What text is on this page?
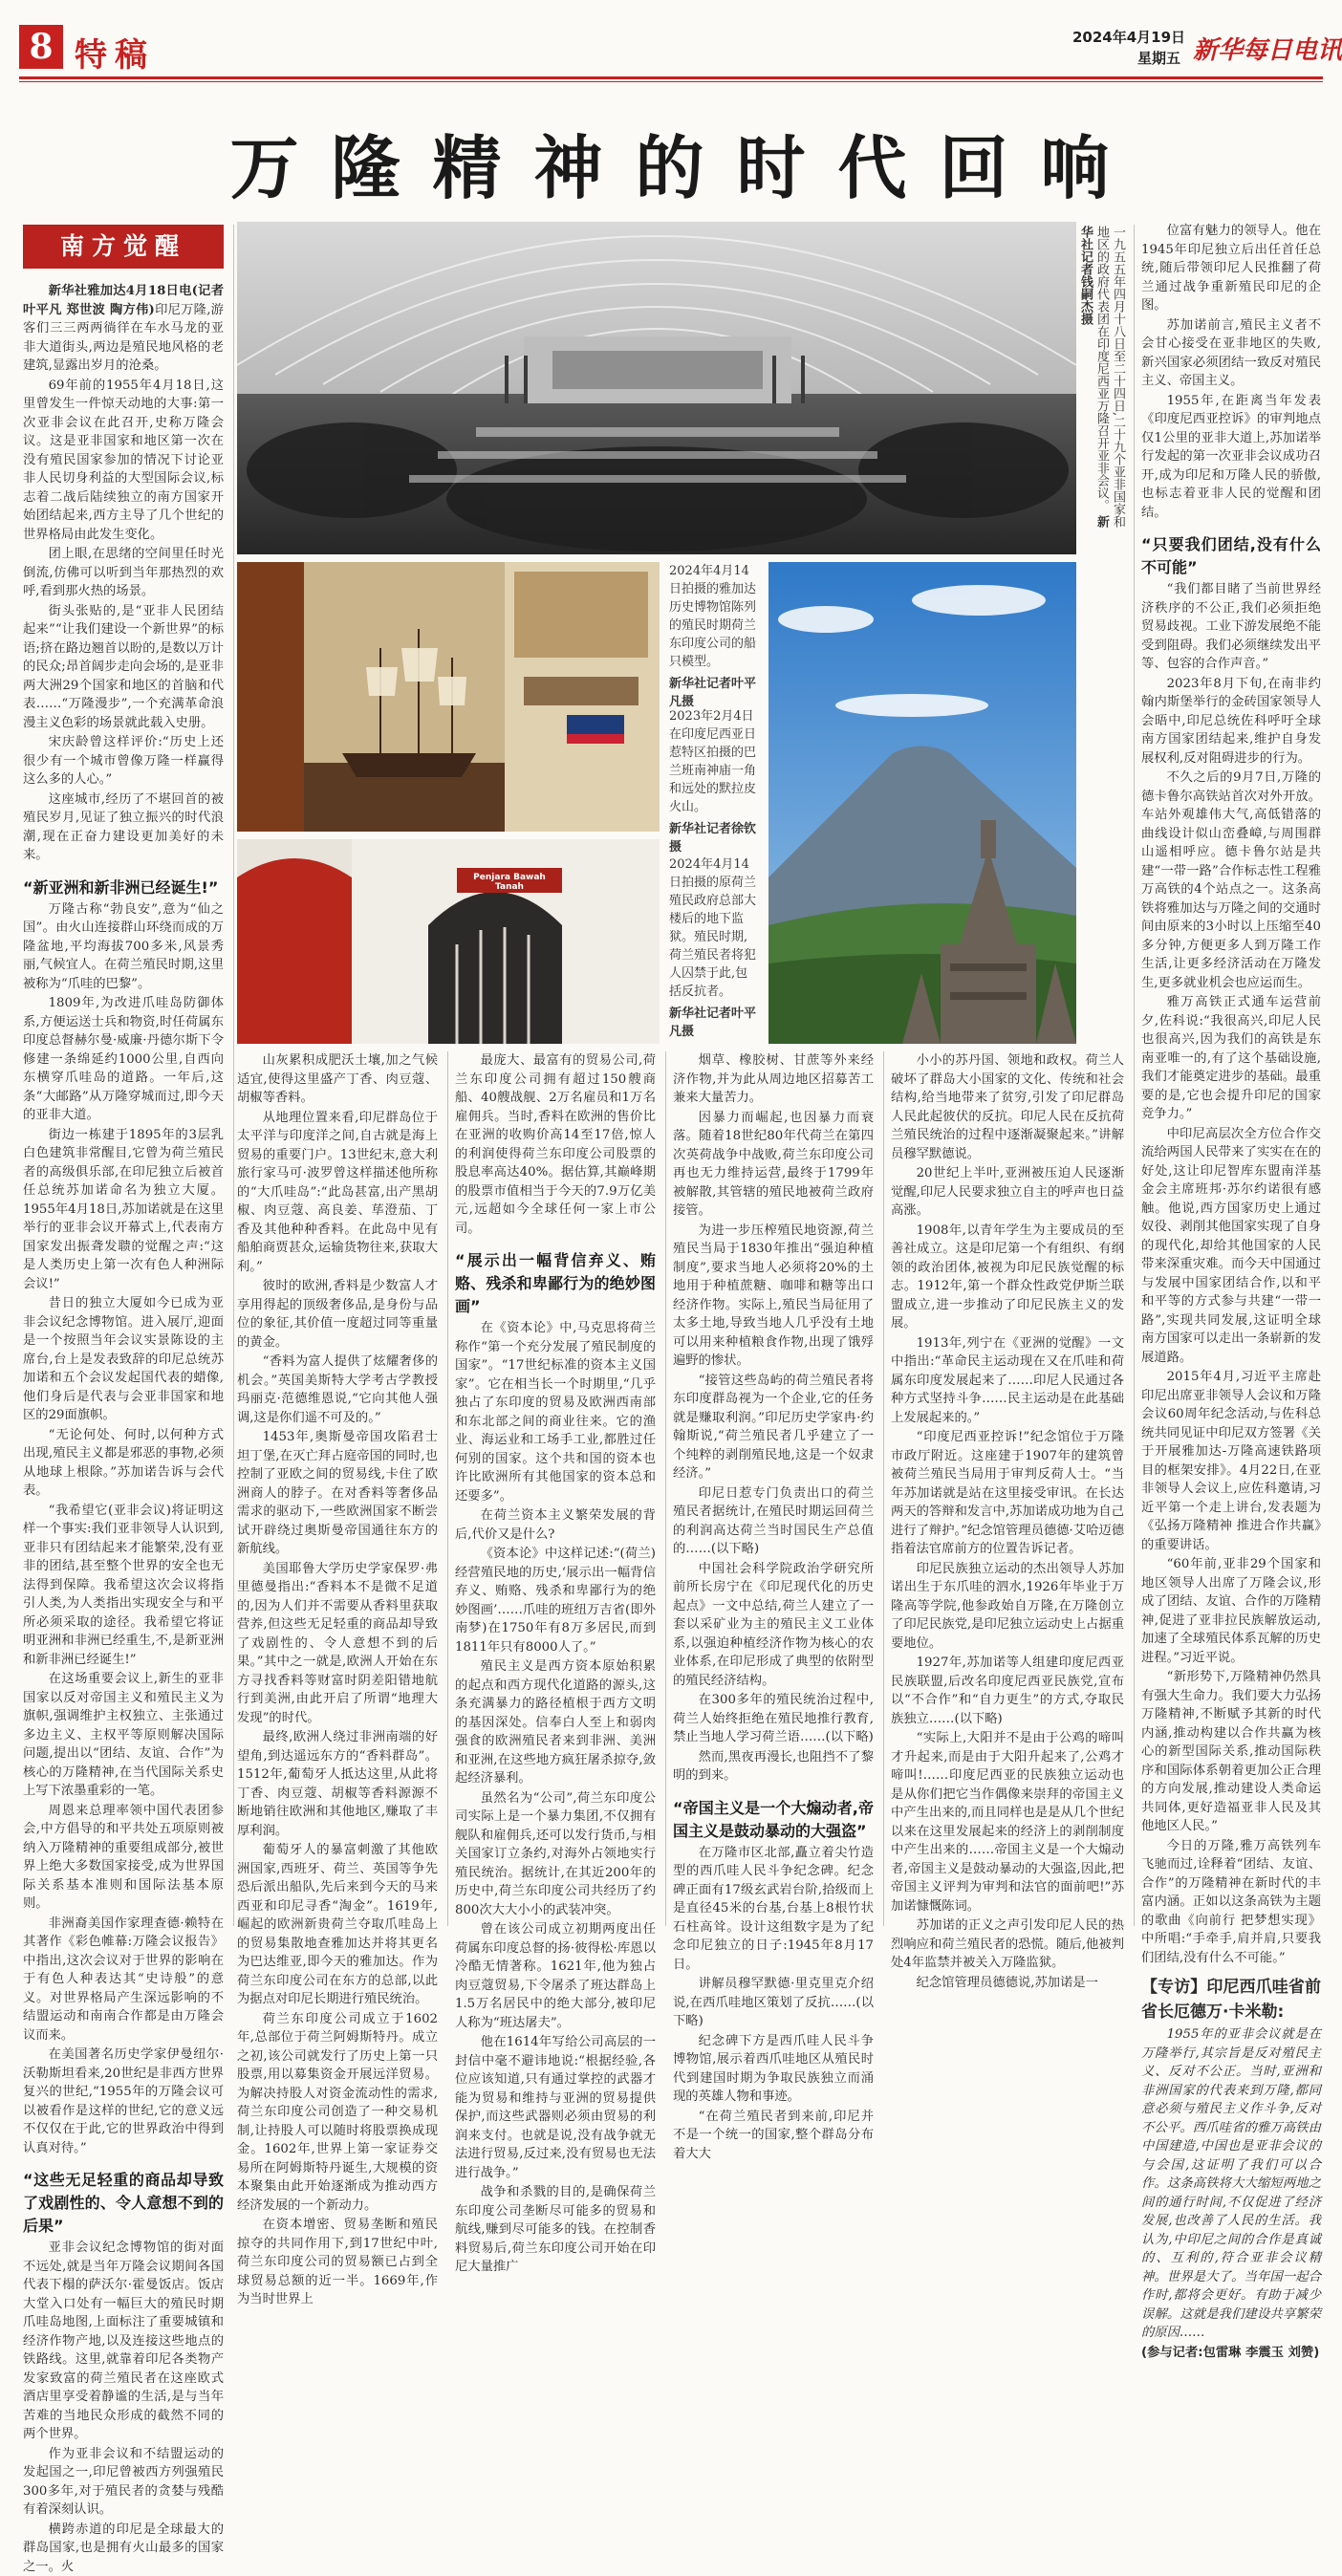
8 特稿	2024年4月19日
星期五 新华每日电讯
万隆精神的时代回响
南方觉醒

新华社雅加达4月18日电(记者叶平凡 郑世波 陶方伟)印尼万隆,游客们三三两两徜徉在车水马龙的亚非大道街头,两边是殖民地风格的老建筑,显露出岁月的沧桑。

69年前的1955年4月18日,这里曾发生一件惊天动地的大事:第一次亚非会议在此召开,史称万隆会议。这是亚非国家和地区第一次在没有殖民国家参加的情况下讨论亚非人民切身利益的大型国际会议,标志着二战后陆续独立的南方国家开始团结起来,西方主导了几个世纪的世界格局由此发生变化。

团上眼,在思绪的空间里任时光倒流,仿佛可以听到当年那热烈的欢呼,看到那火热的场景。

街头张贴的,是“亚非人民团结起来”“让我们建设一个新世界”的标语;挤在路边翘首以盼的,是数以万计的民众;昂首阔步走向会场的,是亚非两大洲29个国家和地区的首脑和代表……“万隆漫步”,一个充满革命浪漫主义色彩的场景就此载入史册。

宋庆龄曾这样评价:“历史上还很少有一个城市曾像万隆一样赢得这么多的人心。”

这座城市,经历了不堪回首的被殖民岁月,见证了独立振兴的时代浪潮,现在正奋力建设更加美好的未来。

“新亚洲和新非洲已经诞生!”

万隆古称“勃良安”,意为“仙之国”。由火山连接群山环绕而成的万隆盆地,平均海拔700多米,风景秀丽,气候宜人。在荷兰殖民时期,这里被称为“爪哇的巴黎”。

1809年,为改进爪哇岛防御体系,方便运送士兵和物资,时任荷属东印度总督赫尔曼·威廉·丹德尔斯下令修建一条绵延约1000公里,自西向东横穿爪哇岛的道路。一年后,这条“大邮路”从万隆穿城而过,即今天的亚非大道。

街边一栋建于1895年的3层乳白色建筑非常醒目,它曾为荷兰殖民者的高级俱乐部,在印尼独立后被首任总统苏加诺命名为独立大厦。1955年4月18日,苏加诺就是在这里举行的亚非会议开幕式上,代表南方国家发出振聋发聩的觉醒之声:“这是人类历史上第一次有色人种洲际会议!”

昔日的独立大厦如今已成为亚非会议纪念博物馆。进入展厅,迎面是一个按照当年会议实景陈设的主席台,台上是发表致辞的印尼总统苏加诺和五个会议发起国代表的蜡像,他们身后是代表与会亚非国家和地区的29面旗帜。

“无论何处、何时,以何种方式出现,殖民主义都是邪恶的事物,必须从地球上根除。”苏加诺告诉与会代表。

“我希望它(亚非会议)将证明这样一个事实:我们亚非领导人认识到,亚非只有团结起来才能繁荣,没有亚非的团结,甚至整个世界的安全也无法得到保障。我希望这次会议将指引人类,为人类指出实现安全与和平所必须采取的途径。我希望它将证明亚洲和非洲已经重生,不,是新亚洲和新非洲已经诞生!”

在这场重要会议上,新生的亚非国家以反对帝国主义和殖民主义为旗帜,强调维护主权独立、主张通过多边主义、主权平等原则解决国际问题,提出以“团结、友谊、合作”为核心的万隆精神,在当代国际关系史上写下浓墨重彩的一笔。

周恩来总理率领中国代表团参会,中方倡导的和平共处五项原则被纳入万隆精神的重要组成部分,被世界上绝大多数国家接受,成为世界国际关系基本准则和国际法基本原则。

非洲裔美国作家理查德·赖特在其著作《彩色帷幕:万隆会议报告》中指出,这次会议对于世界的影响在于有色人种表达其“史诗般”的意义。对世界格局产生深远影响的不结盟运动和南南合作都是由万隆会议而来。

在美国著名历史学家伊曼纽尔·沃勒斯坦看来,20世纪是非西方世界复兴的世纪,“1955年的万隆会议可以被看作是这样的世纪,它的意义远不仅仅在于此,它的世界政治中得到认真对待。”

“这些无足轻重的商品却导致了戏剧性的、令人意想不到的后果”

亚非会议纪念博物馆的街对面不远处,就是当年万隆会议期间各国代表下榻的萨沃尔·霍曼饭店。饭店大堂入口处有一幅巨大的殖民时期爪哇岛地图,上面标注了重要城镇和经济作物产地,以及连接这些地点的铁路线。这里,就靠着印尼各类物产发家致富的荷兰殖民者在这座欧式酒店里享受着静谧的生活,是与当年苦难的当地民众形成的截然不同的两个世界。

作为亚非会议和不结盟运动的发起国之一,印尼曾被西方列强殖民300多年,对于殖民者的贪婪与残酷有着深刻认识。

横跨赤道的印尼是全球最大的群岛国家,也是拥有火山最多的国家之一。火

一九五五年四月十八日至二十四日,二十九个亚非国家和地区的政府代表团在印度尼西亚万隆召开亚非会议。 新华社记者钱嗣杰摄
Penjara Bawah Tanah
2024年4月14日拍摄的雅加达历史博物馆陈列的殖民时期荷兰东印度公司的船只模型。
新华社记者叶平凡摄
2023年2月4日在印度尼西亚日惹特区拍摄的巴兰班南神庙一角和远处的默拉皮火山。
新华社记者徐钦摄
2024年4月14日拍摄的原荷兰殖民政府总部大楼后的地下监狱。殖民时期,荷兰殖民者将犯人囚禁于此,包括反抗者。
新华社记者叶平凡摄

山灰累积成肥沃土壤,加之气候适宜,使得这里盛产丁香、肉豆蔻、胡椒等香料。

从地理位置来看,印尼群岛位于太平洋与印度洋之间,自古就是海上贸易的重要门户。13世纪末,意大利旅行家马可·波罗曾这样描述他所称的“大爪哇岛”:“此岛甚富,出产黑胡椒、肉豆蔻、高良姜、荜澄茄、丁香及其他种种香料。在此岛中见有船舶商贾甚众,运输货物往来,获取大利。”

彼时的欧洲,香料是少数富人才享用得起的顶级奢侈品,是身份与品位的象征,其价值一度超过同等重量的黄金。

“香料为富人提供了炫耀奢侈的机会。”英国美斯特大学考古学教授玛丽克·范德维恩说,“它向其他人强调,这是你们遥不可及的。”

1453年,奥斯曼帝国攻陷君士坦丁堡,在灭亡拜占庭帝国的同时,也控制了亚欧之间的贸易线,卡住了欧洲商人的脖子。在对香料等奢侈品需求的驱动下,一些欧洲国家不断尝试开辟绕过奥斯曼帝国通往东方的新航线。

美国耶鲁大学历史学家保罗·弗里德曼指出:“香料本不是微不足道的,因为人们并不需要从香料里获取营养,但这些无足轻重的商品却导致了戏剧性的、令人意想不到的后果。”其中之一就是,欧洲人开始在东方寻找香料等财富时阴差阳错地航行到美洲,由此开启了所谓“地理大发现”的时代。

最终,欧洲人绕过非洲南端的好望角,到达遥远东方的“香料群岛”。1512年,葡萄牙人抵达这里,从此将丁香、肉豆蔻、胡椒等香料源源不断地销往欧洲和其他地区,赚取了丰厚利润。

葡萄牙人的暴富刺激了其他欧洲国家,西班牙、荷兰、英国等争先恐后派出船队,先后来到今天的马来西亚和印尼寻香“淘金”。1619年,崛起的欧洲新贵荷兰夺取爪哇岛上的贸易集散地查雅加达并将其更名为巴达维亚,即今天的雅加达。作为荷兰东印度公司在东方的总部,以此为据点对印尼长期进行殖民统治。

荷兰东印度公司成立于1602年,总部位于荷兰阿姆斯特丹。成立之初,该公司就发行了历史上第一只股票,用以募集资金开展远洋贸易。为解决持股人对资金流动性的需求,荷兰东印度公司创造了一种交易机制,让持股人可以随时将股票换成现金。1602年,世界上第一家证券交易所在阿姆斯特丹诞生,大规模的资本聚集由此开始逐渐成为推动西方经济发展的一个新动力。

在资本增密、贸易垄断和殖民掠夺的共同作用下,到17世纪中叶,荷兰东印度公司的贸易额已占到全球贸易总额的近一半。1669年,作为当时世界上

最庞大、最富有的贸易公司,荷兰东印度公司拥有超过150艘商船、40艘战舰、2万名雇员和1万名雇佣兵。当时,香料在欧洲的售价比在亚洲的收购价高14至17倍,惊人的利润使得荷兰东印度公司股票的股息率高达40%。据估算,其巅峰期的股票市值相当于今天的7.9万亿美元,远超如今全球任何一家上市公司。

“展示出一幅背信弃义、贿赂、残杀和卑鄙行为的绝妙图画”

在《资本论》中,马克思将荷兰称作“第一个充分发展了殖民制度的国家”。“17世纪标准的资本主义国家”。它在相当长一个时期里,“几乎独占了东印度的贸易及欧洲西南部和东北部之间的商业往来。它的渔业、海运业和工场手工业,都胜过任何别的国家。这个共和国的资本也许比欧洲所有其他国家的资本总和还要多”。

在荷兰资本主义繁荣发展的背后,代价又是什么?

《资本论》中这样记述:“(荷兰)经营殖民地的历史,‘展示出一幅背信弃义、贿赂、残杀和卑鄙行为的绝妙图画’……爪哇的班纽万吉省(即外南梦)在1750年有8万多居民,而到1811年只有8000人了。”

殖民主义是西方资本原始积累的起点和西方现代化道路的源头,这条充满暴力的路径植根于西方文明的基因深处。信奉白人至上和弱肉强食的欧洲殖民者来到非洲、美洲和亚洲,在这些地方疯狂屠杀掠夺,敛起经济暴利。

虽然名为“公司”,荷兰东印度公司实际上是一个暴力集团,不仅拥有舰队和雇佣兵,还可以发行货币,与相关国家订立条约,对海外占领地实行殖民统治。据统计,在其近200年的历史中,荷兰东印度公司共经历了约800次大大小小的武装冲突。

曾在该公司成立初期两度出任荷属东印度总督的扬·彼得松·库恩以冷酷无情著称。1621年,他为独占肉豆蔻贸易,下令屠杀了班达群岛上1.5万名居民中的绝大部分,被印尼人称为“班达屠夫”。

他在1614年写给公司高层的一封信中毫不避讳地说:“根据经验,各位应该知道,只有通过掌控的武器才能为贸易和维持与亚洲的贸易提供保护,而这些武器则必须由贸易的利润来支付。也就是说,没有战争就无法进行贸易,反过来,没有贸易也无法进行战争。”

战争和杀戮的目的,是确保荷兰东印度公司垄断尽可能多的贸易和航线,赚到尽可能多的钱。在控制香料贸易后,荷兰东印度公司开始在印尼大量推广

烟草、橡胶树、甘蔗等外来经济作物,并为此从周边地区招募苦工兼来大量苦力。

因暴力而崛起,也因暴力而衰落。随着18世纪80年代荷兰在第四次英荷战争中战败,荷兰东印度公司再也无力维持运营,最终于1799年被解散,其管辖的殖民地被荷兰政府接管。

为进一步压榨殖民地资源,荷兰殖民当局于1830年推出“强迫种植制度”,要求当地人必须将20%的土地用于种植蔗糖、咖啡和糖等出口经济作物。实际上,殖民当局征用了太多土地,导致当地人几乎没有土地可以用来种植粮食作物,出现了饿殍遍野的惨状。

“接管这些岛屿的荷兰殖民者将东印度群岛视为一个企业,它的任务就是赚取利润。”印尼历史学家冉·约翰斯说,“荷兰殖民者几乎建立了一个纯粹的剥削殖民地,这是一个奴隶经济。”

印尼日惹专门负责出口的荷兰殖民者据统计,在殖民时期运回荷兰的利润高达荷兰当时国民生产总值的……(以下略)

中国社会科学院政治学研究所前所长房宁在《印尼现代化的历史起点》一文中总结,荷兰人建立了一套以采矿业为主的殖民主义工业体系,以强迫种植经济作物为核心的农业体系,在印尼形成了典型的依附型的殖民经济结构。

在300多年的殖民统治过程中,荷兰人始终拒绝在殖民地推行教育,禁止当地人学习荷兰语……(以下略)

然而,黑夜再漫长,也阻挡不了黎明的到来。

“帝国主义是一个大煽动者,帝国主义是鼓动暴动的大强盗”

在万隆市区北部,矗立着尖竹造型的西爪哇人民斗争纪念碑。纪念碑正面有17级玄武岩台阶,拾级而上是直径45米的台基,台基上8根竹状石柱高耸。设计这组数字是为了纪念印尼独立的日子:1945年8月17日。

讲解员穆罕默德·里克里克介绍说,在西爪哇地区策划了反抗……(以下略)

纪念碑下方是西爪哇人民斗争博物馆,展示着西爪哇地区从殖民时代到建国时期为争取民族独立而涌现的英雄人物和事迹。

“在荷兰殖民者到来前,印尼并不是一个统一的国家,整个群岛分布着大大

小小的苏丹国、领地和政权。荷兰人破坏了群岛大小国家的文化、传统和社会结构,给当地带来了贫穷,引发了印尼群岛人民此起彼伏的反抗。印尼人民在反抗荷兰殖民统治的过程中逐渐凝聚起来。”讲解员穆罕默德说。

20世纪上半叶,亚洲被压迫人民逐渐觉醒,印尼人民要求独立自主的呼声也日益高涨。

1908年,以青年学生为主要成员的至善社成立。这是印尼第一个有组织、有纲领的政治团体,被视为印尼民族觉醒的标志。1912年,第一个群众性政党伊斯兰联盟成立,进一步推动了印尼民族主义的发展。

1913年,列宁在《亚洲的觉醒》一文中指出:“革命民主运动现在又在爪哇和荷属东印度发展起来了……印尼人民通过各种方式坚持斗争……民主运动是在此基础上发展起来的。”

“印度尼西亚控诉!”纪念馆位于万隆市政厅附近。这座建于1907年的建筑曾被荷兰殖民当局用于审判反荷人士。“当年苏加诺就是站在这里接受审讯。在长达两天的答辩和发言中,苏加诺成功地为自己进行了辩护。”纪念馆管理员德德·艾哈迈德指着法官席前方的位置告诉记者。

印尼民族独立运动的杰出领导人苏加诺出生于东爪哇的泗水,1926年毕业于万隆高等学院,他参政始自万隆,在万隆创立了印尼民族党,是印尼独立运动史上占据重要地位。

1927年,苏加诺等人组建印度尼西亚民族联盟,后改名印度尼西亚民族党,宣布以“不合作”和“自力更生”的方式,夺取民族独立……(以下略)

“实际上,大阳并不是由于公鸡的啼叫才升起来,而是由于大阳升起来了,公鸡才啼叫!……印度尼西亚的民族独立运动也是从你们把它当作偶像来崇拜的帝国主义中产生出来的,而且同样也是是从几个世纪以来在这里发展起来的经济上的剥削制度中产生出来的……帝国主义是一个大煽动者,帝国主义是鼓动暴动的大强盗,因此,把帝国主义评判为审判和法官的面前吧!”苏加诺慷慨陈词。

苏加诺的正义之声引发印尼人民的热烈响应和荷兰殖民者的恐慌。随后,他被判处4年监禁并被关入万隆监狱。

纪念馆管理员德德说,苏加诺是一

位富有魅力的领导人。他在1945年印尼独立后出任首任总统,随后带领印尼人民推翻了荷兰通过战争重新殖民印尼的企图。

苏加诺前言,殖民主义者不会甘心接受在亚非地区的失败,新兴国家必须团结一致反对殖民主义、帝国主义。

1955年,在距离当年发表《印度尼西亚控诉》的审判地点仅1公里的亚非大道上,苏加诺举行发起的第一次亚非会议成功召开,成为印尼和万隆人民的骄傲,也标志着亚非人民的觉醒和团结。

“只要我们团结,没有什么不可能”

“我们都目睹了当前世界经济秩序的不公正,我们必须拒绝贸易歧视。工业下游发展绝不能受到阻碍。我们必须继续发出平等、包容的合作声音。”

2023年8月下旬,在南非约翰内斯堡举行的金砖国家领导人会晤中,印尼总统佐科呼吁全球南方国家团结起来,维护自身发展权利,反对阻碍进步的行为。

不久之后的9月7日,万隆的德卡鲁尔高铁站首次对外开放。车站外观雄伟大气,高低错落的曲线设计似山峦叠嶂,与周围群山遥相呼应。德卡鲁尔站是共建“一带一路”合作标志性工程雅万高铁的4个站点之一。这条高铁将雅加达与万隆之间的交通时间由原来的3小时以上压缩至40多分钟,方便更多人到万隆工作生活,让更多经济活动在万隆发生,更多就业机会也应运而生。

雅万高铁正式通车运营前夕,佐科说:“我很高兴,印尼人民也很高兴,因为我们的高铁是东南亚唯一的,有了这个基础设施,我们才能奠定进步的基础。最重要的是,它也会提升印尼的国家竞争力。”

中印尼高层次全方位合作交流给两国人民带来了实实在在的好处,这让印尼智库东盟南洋基金会主席班邦·苏尔约诺很有感触。他说,西方国家历史上通过奴役、剥削其他国家实现了自身的现代化,却给其他国家的人民带来深重灾难。而今天中国通过与发展中国家团结合作,以和平和平等的方式参与共建“一带一路”,实现共同发展,这证明全球南方国家可以走出一条崭新的发展道路。

2015年4月,习近平主席赴印尼出席亚非领导人会议和万隆会议60周年纪念活动,与佐科总统共同见证中印尼双方签署《关于开展雅加达-万隆高速铁路项目的框架安排》。4月22日,在亚非领导人会议上,应佐科邀请,习近平第一个走上讲台,发表题为《弘扬万隆精神 推进合作共赢》的重要讲话。

“60年前,亚非29个国家和地区领导人出席了万隆会议,形成了团结、友谊、合作的万隆精神,促进了亚非拉民族解放运动,加速了全球殖民体系瓦解的历史进程。”习近平说。

“新形势下,万隆精神仍然具有强大生命力。我们要大力弘扬万隆精神,不断赋予其新的时代内涵,推动构建以合作共赢为核心的新型国际关系,推动国际秩序和国际体系朝着更加公正合理的方向发展,推动建设人类命运共同体,更好造福亚非人民及其他地区人民。”

今日的万隆,雅万高铁列车飞驰而过,诠释着“团结、友谊、合作”的万隆精神在新时代的丰富内涵。正如以这条高铁为主题的歌曲《向前行 把梦想实现》中所唱:“手牵手,肩并肩,只要我们团结,没有什么不可能。”

【专访】印尼西爪哇省前省长厄德万·卡米勒:

1955年的亚非会议就是在万隆举行,其宗旨是反对殖民主义、反对不公正。当时,亚洲和非洲国家的代表来到万隆,都同意必须与殖民主义作斗争,反对不公平。西爪哇省的雅万高铁由中国建造,中国也是亚非会议的与会国,这证明了我们可以合作。这条高铁将大大缩短两地之间的通行时间,不仅促进了经济发展,也改善了人民的生活。我认为,中印尼之间的合作是真诚的、互利的,符合亚非会议精神。世界是大了。当年国一起合作时,都将会更好。有助于减少误解。这就是我们建设共享繁荣的原因……

(参与记者:包雷琳 李震玉 刘赞)
